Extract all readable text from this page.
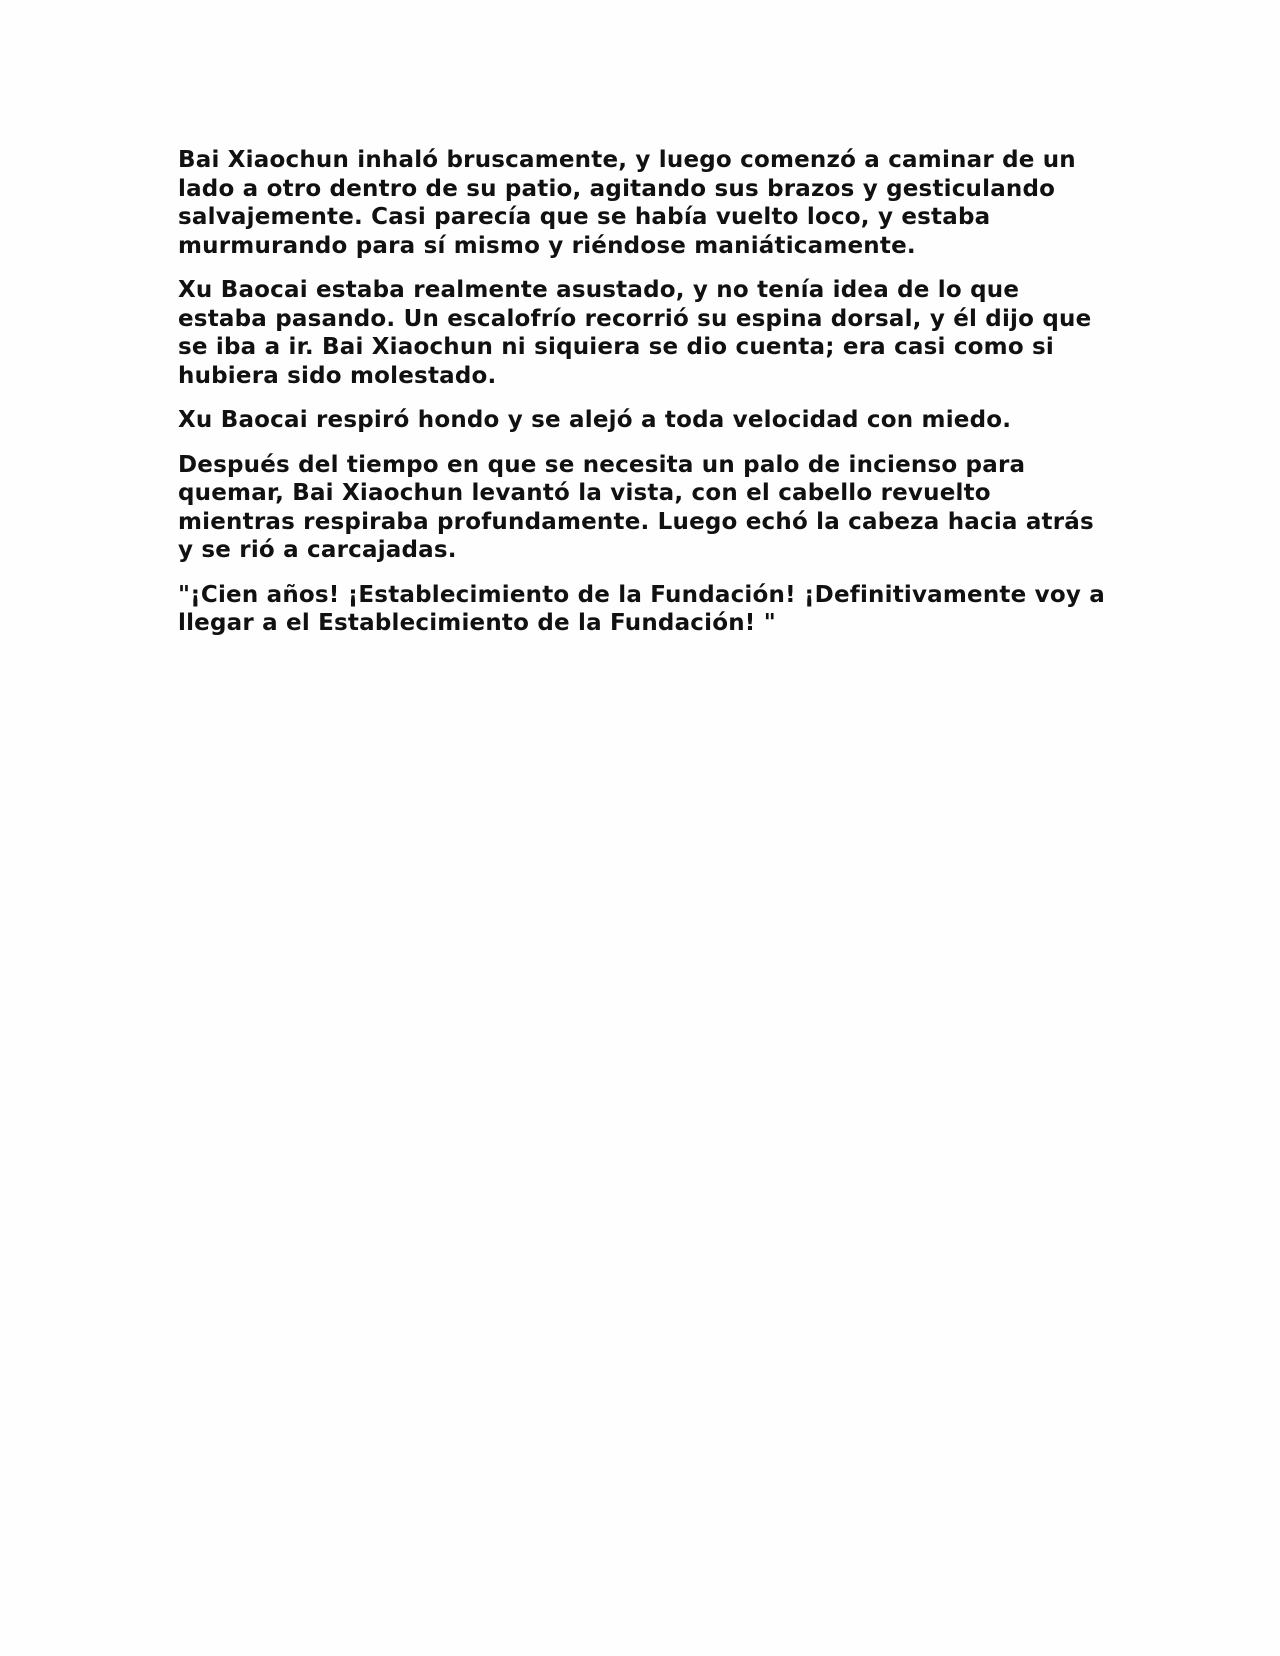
Bai Xiaochun inhaló bruscamente, y luego comenzó a caminar de un lado a otro dentro de su patio, agitando sus brazos y gesticulando salvajemente. Casi parecía que se había vuelto loco, y estaba murmurando para sí mismo y riéndose maniáticamente.

Xu Baocai estaba realmente asustado, y no tenía idea de lo que estaba pasando. Un escalofrío recorrió su espina dorsal, y él dijo que se iba a ir. Bai Xiaochun ni siquiera se dio cuenta; era casi como si hubiera sido molestado.

Xu Baocai respiró hondo y se alejó a toda velocidad con miedo.

Después del tiempo en que se necesita un palo de incienso para quemar, Bai Xiaochun levantó la vista, con el cabello revuelto mientras respiraba profundamente. Luego echó la cabeza hacia atrás y se rió a carcajadas.

"¡Cien años! ¡Establecimiento de la Fundación! ¡Definitivamente voy a llegar a el Establecimiento de la Fundación! "
